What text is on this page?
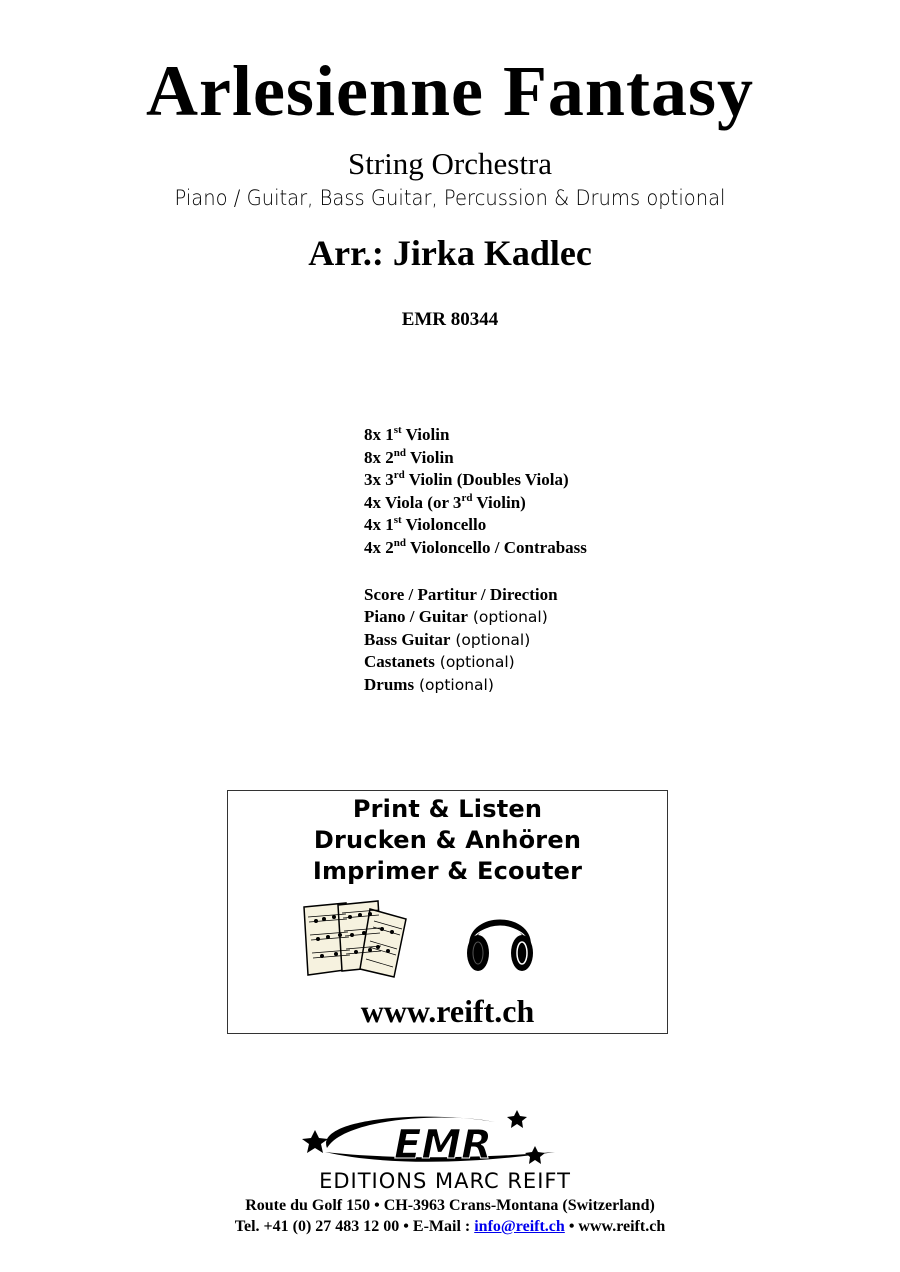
Arlesienne Fantasy
String Orchestra
Piano / Guitar, Bass Guitar, Percussion & Drums optional
Arr.: Jirka Kadlec
EMR 80344
8x 1st Violin
8x 2nd Violin
3x 3rd Violin (Doubles Viola)
4x Viola (or 3rd Violin)
4x 1st Violoncello
4x 2nd Violoncello / Contrabass
Score / Partitur / Direction
Piano / Guitar (optional)
Bass Guitar (optional)
Castanets (optional)
Drums (optional)
Print & Listen
Drucken & Anhören
Imprimer & Ecouter
www.reift.ch
EMR
EDITIONS MARC REIFT
Route du Golf 150 • CH-3963 Crans-Montana (Switzerland)
Tel. +41 (0) 27 483 12 00 • E-Mail : info@reift.ch • www.reift.ch
